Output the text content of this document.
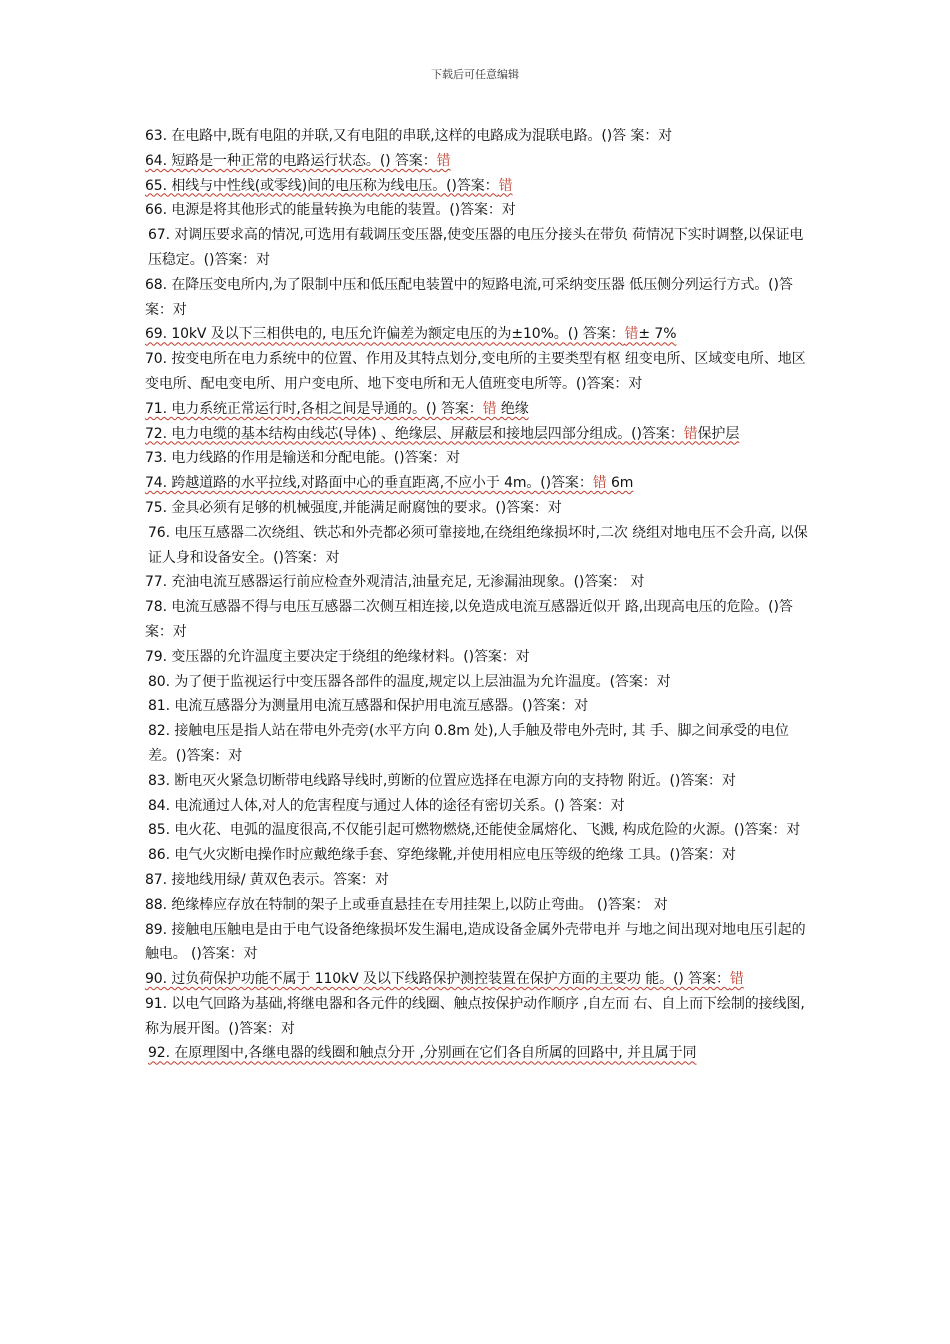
下载后可任意编辑

63. 在电路中,既有电阻的并联,又有电阻的串联,这样的电路成为混联电路。()答 案：对

64. 短路是一种正常的电路运行状态。() 答案：错

65. 相线与中性线(或零线)间的电压称为线电压。()答案：错

66. 电源是将其他形式的能量转换为电能的装置。()答案：对

67. 对调压要求高的情况,可选用有载调压变压器,使变压器的电压分接头在带负 荷情况下实时调整,以保证电压稳定。()答案：对

68. 在降压变电所内,为了限制中压和低压配电装置中的短路电流,可采纳变压器 低压侧分列运行方式。()答案：对

69. 10kV 及以下三相供电的, 电压允许偏差为额定电压的为±10%。() 答案：错± 7%

70. 按变电所在电力系统中的位置、作用及其特点划分,变电所的主要类型有枢 纽变电所、区域变电所、地区变电所、配电变电所、用户变电所、地下变电所和无人值班变电所等。()答案：对

71. 电力系统正常运行时,各相之间是导通的。() 答案：错 绝缘

72. 电力电缆的基本结构由线芯(导体) 、绝缘层、屏蔽层和接地层四部分组成。()答案：错保护层

73. 电力线路的作用是输送和分配电能。()答案：对

74. 跨越道路的水平拉线,对路面中心的垂直距离,不应小于 4m。()答案：错 6m

75. 金具必须有足够的机械强度,并能满足耐腐蚀的要求。()答案：对

76. 电压互感器二次绕组、铁芯和外壳都必须可靠接地,在绕组绝缘损坏时,二次 绕组对地电压不会升高, 以保证人身和设备安全。()答案：对

77. 充油电流互感器运行前应检查外观清洁,油量充足, 无渗漏油现象。()答案： 对

78. 电流互感器不得与电压互感器二次侧互相连接,以免造成电流互感器近似开 路,出现高电压的危险。()答案：对

79. 变压器的允许温度主要决定于绕组的绝缘材料。()答案：对

80. 为了便于监视运行中变压器各部件的温度,规定以上层油温为允许温度。(答案：对

81. 电流互感器分为测量用电流互感器和保护用电流互感器。()答案：对

82. 接触电压是指人站在带电外壳旁(水平方向 0.8m 处),人手触及带电外壳时, 其 手、脚之间承受的电位差。()答案：对

83. 断电灭火紧急切断带电线路导线时,剪断的位置应选择在电源方向的支持物 附近。()答案：对

84. 电流通过人体,对人的危害程度与通过人体的途径有密切关系。() 答案：对

85. 电火花、电弧的温度很高,不仅能引起可燃物燃烧,还能使金属熔化、飞溅, 构成危险的火源。()答案：对

86. 电气火灾断电操作时应戴绝缘手套、穿绝缘靴,并使用相应电压等级的绝缘 工具。()答案：对

87. 接地线用绿/ 黄双色表示。答案：对

88. 绝缘棒应存放在特制的架子上或垂直悬挂在专用挂架上,以防止弯曲。 ()答案： 对

89. 接触电压触电是由于电气设备绝缘损坏发生漏电,造成设备金属外壳带电并 与地之间出现对地电压引起的触电。 ()答案：对

90. 过负荷保护功能不属于 110kV 及以下线路保护测控装置在保护方面的主要功 能。() 答案：错

91. 以电气回路为基础,将继电器和各元件的线圈、触点按保护动作顺序 ,自左而 右、自上而下绘制的接线图,称为展开图。()答案：对

92. 在原理图中,各继电器的线圈和触点分开 ,分别画在它们各自所属的回路中, 并且属于同
